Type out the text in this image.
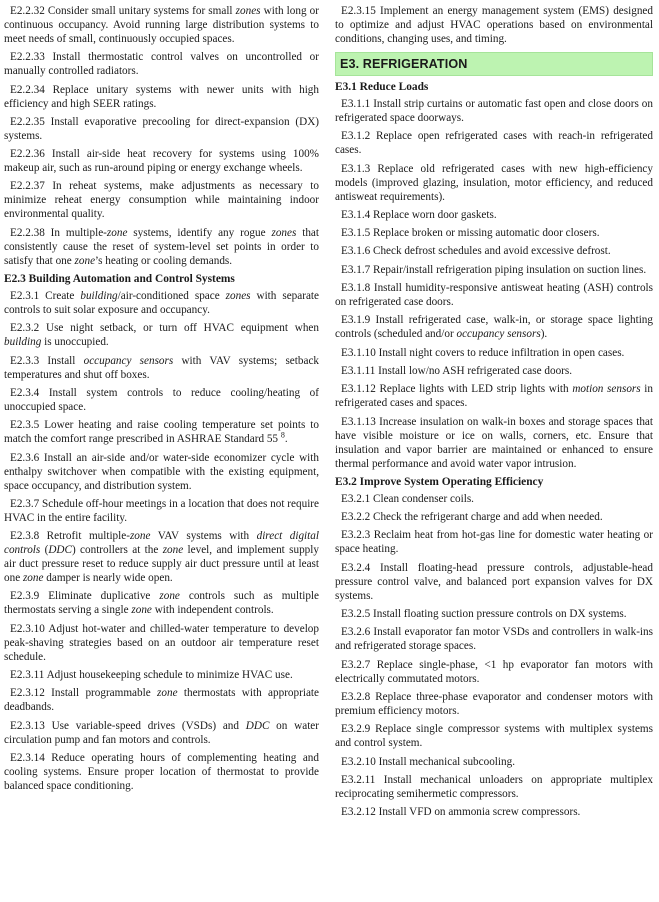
E2.2.32 Consider small unitary systems for small zones with long or continuous occupancy. Avoid running large distribution systems to meet needs of small, continuously occupied spaces.

E2.2.33 Install thermostatic control valves on uncontrolled or manually controlled radiators.

E2.2.34 Replace unitary systems with newer units with high efficiency and high SEER ratings.

E2.2.35 Install evaporative precooling for direct-expansion (DX) systems.

E2.2.36 Install air-side heat recovery for systems using 100% makeup air, such as run-around piping or energy exchange wheels.

E2.2.37 In reheat systems, make adjustments as necessary to minimize reheat energy consumption while maintaining indoor environmental quality.

E2.2.38 In multiple-zone systems, identify any rogue zones that consistently cause the reset of system-level set points in order to satisfy that one zone’s heating or cooling demands.

E2.3 Building Automation and Control Systems

E2.3.1 Create building/air-conditioned space zones with separate controls to suit solar exposure and occupancy.

E2.3.2 Use night setback, or turn off HVAC equipment when building is unoccupied.

E2.3.3 Install occupancy sensors with VAV systems; setback temperatures and shut off boxes.

E2.3.4 Install system controls to reduce cooling/heating of unoccupied space.

E2.3.5 Lower heating and raise cooling temperature set points to match the comfort range prescribed in ASHRAE Standard 55 $^8$.

E2.3.6 Install an air-side and/or water-side economizer cycle with enthalpy switchover when compatible with the existing equipment, space occupancy, and distribution system.

E2.3.7 Schedule off-hour meetings in a location that does not require HVAC in the entire facility.

E2.3.8 Retrofit multiple-zone VAV systems with direct digital controls (DDC) controllers at the zone level, and implement supply air duct pressure reset to reduce supply air duct pressure until at least one zone damper is nearly wide open.

E2.3.9 Eliminate duplicative zone controls such as multiple thermostats serving a single zone with independent controls.

E2.3.10 Adjust hot-water and chilled-water temperature to develop peak-shaving strategies based on an outdoor air temperature reset schedule.

E2.3.11 Adjust housekeeping schedule to minimize HVAC use.

E2.3.12 Install programmable zone thermostats with appropriate deadbands.

E2.3.13 Use variable-speed drives (VSDs) and DDC on water circulation pump and fan motors and controls.

E2.3.14 Reduce operating hours of complementing heating and cooling systems. Ensure proper location of thermostat to provide balanced space conditioning.

E2.3.15 Implement an energy management system (EMS) designed to optimize and adjust HVAC operations based on environmental conditions, changing uses, and timing.

E3. REFRIGERATION
E3.1 Reduce Loads

E3.1.1 Install strip curtains or automatic fast open and close doors on refrigerated space doorways.

E3.1.2 Replace open refrigerated cases with reach-in refrigerated cases.

E3.1.3 Replace old refrigerated cases with new high-efficiency models (improved glazing, insulation, motor efficiency, and reduced antisweat requirements).

E3.1.4 Replace worn door gaskets.

E3.1.5 Replace broken or missing automatic door closers.

E3.1.6 Check defrost schedules and avoid excessive defrost.

E3.1.7 Repair/install refrigeration piping insulation on suction lines.

E3.1.8 Install humidity-responsive antisweat heating (ASH) controls on refrigerated case doors.

E3.1.9 Install refrigerated case, walk-in, or storage space lighting controls (scheduled and/or occupancy sensors).

E3.1.10 Install night covers to reduce infiltration in open cases.

E3.1.11 Install low/no ASH refrigerated case doors.

E3.1.12 Replace lights with LED strip lights with motion sensors in refrigerated cases and spaces.

E3.1.13 Increase insulation on walk-in boxes and storage spaces that have visible moisture or ice on walls, corners, etc. Ensure that insulation and vapor barrier are maintained or enhanced to ensure thermal performance and avoid water vapor intrusion.

E3.2 Improve System Operating Efficiency

E3.2.1 Clean condenser coils.

E3.2.2 Check the refrigerant charge and add when needed.

E3.2.3 Reclaim heat from hot-gas line for domestic water heating or space heating.

E3.2.4 Install floating-head pressure controls, adjustable-head pressure control valve, and balanced port expansion valves for DX systems.

E3.2.5 Install floating suction pressure controls on DX systems.

E3.2.6 Install evaporator fan motor VSDs and controllers in walk-ins and refrigerated storage spaces.

E3.2.7 Replace single-phase, <1 hp evaporator fan motors with electrically commutated motors.

E3.2.8 Replace three-phase evaporator and condenser motors with premium efficiency motors.

E3.2.9 Replace single compressor systems with multiplex systems and control system.

E3.2.10 Install mechanical subcooling.

E3.2.11 Install mechanical unloaders on appropriate multiplex reciprocating semihermetic compressors.

E3.2.12 Install VFD on ammonia screw compressors.
